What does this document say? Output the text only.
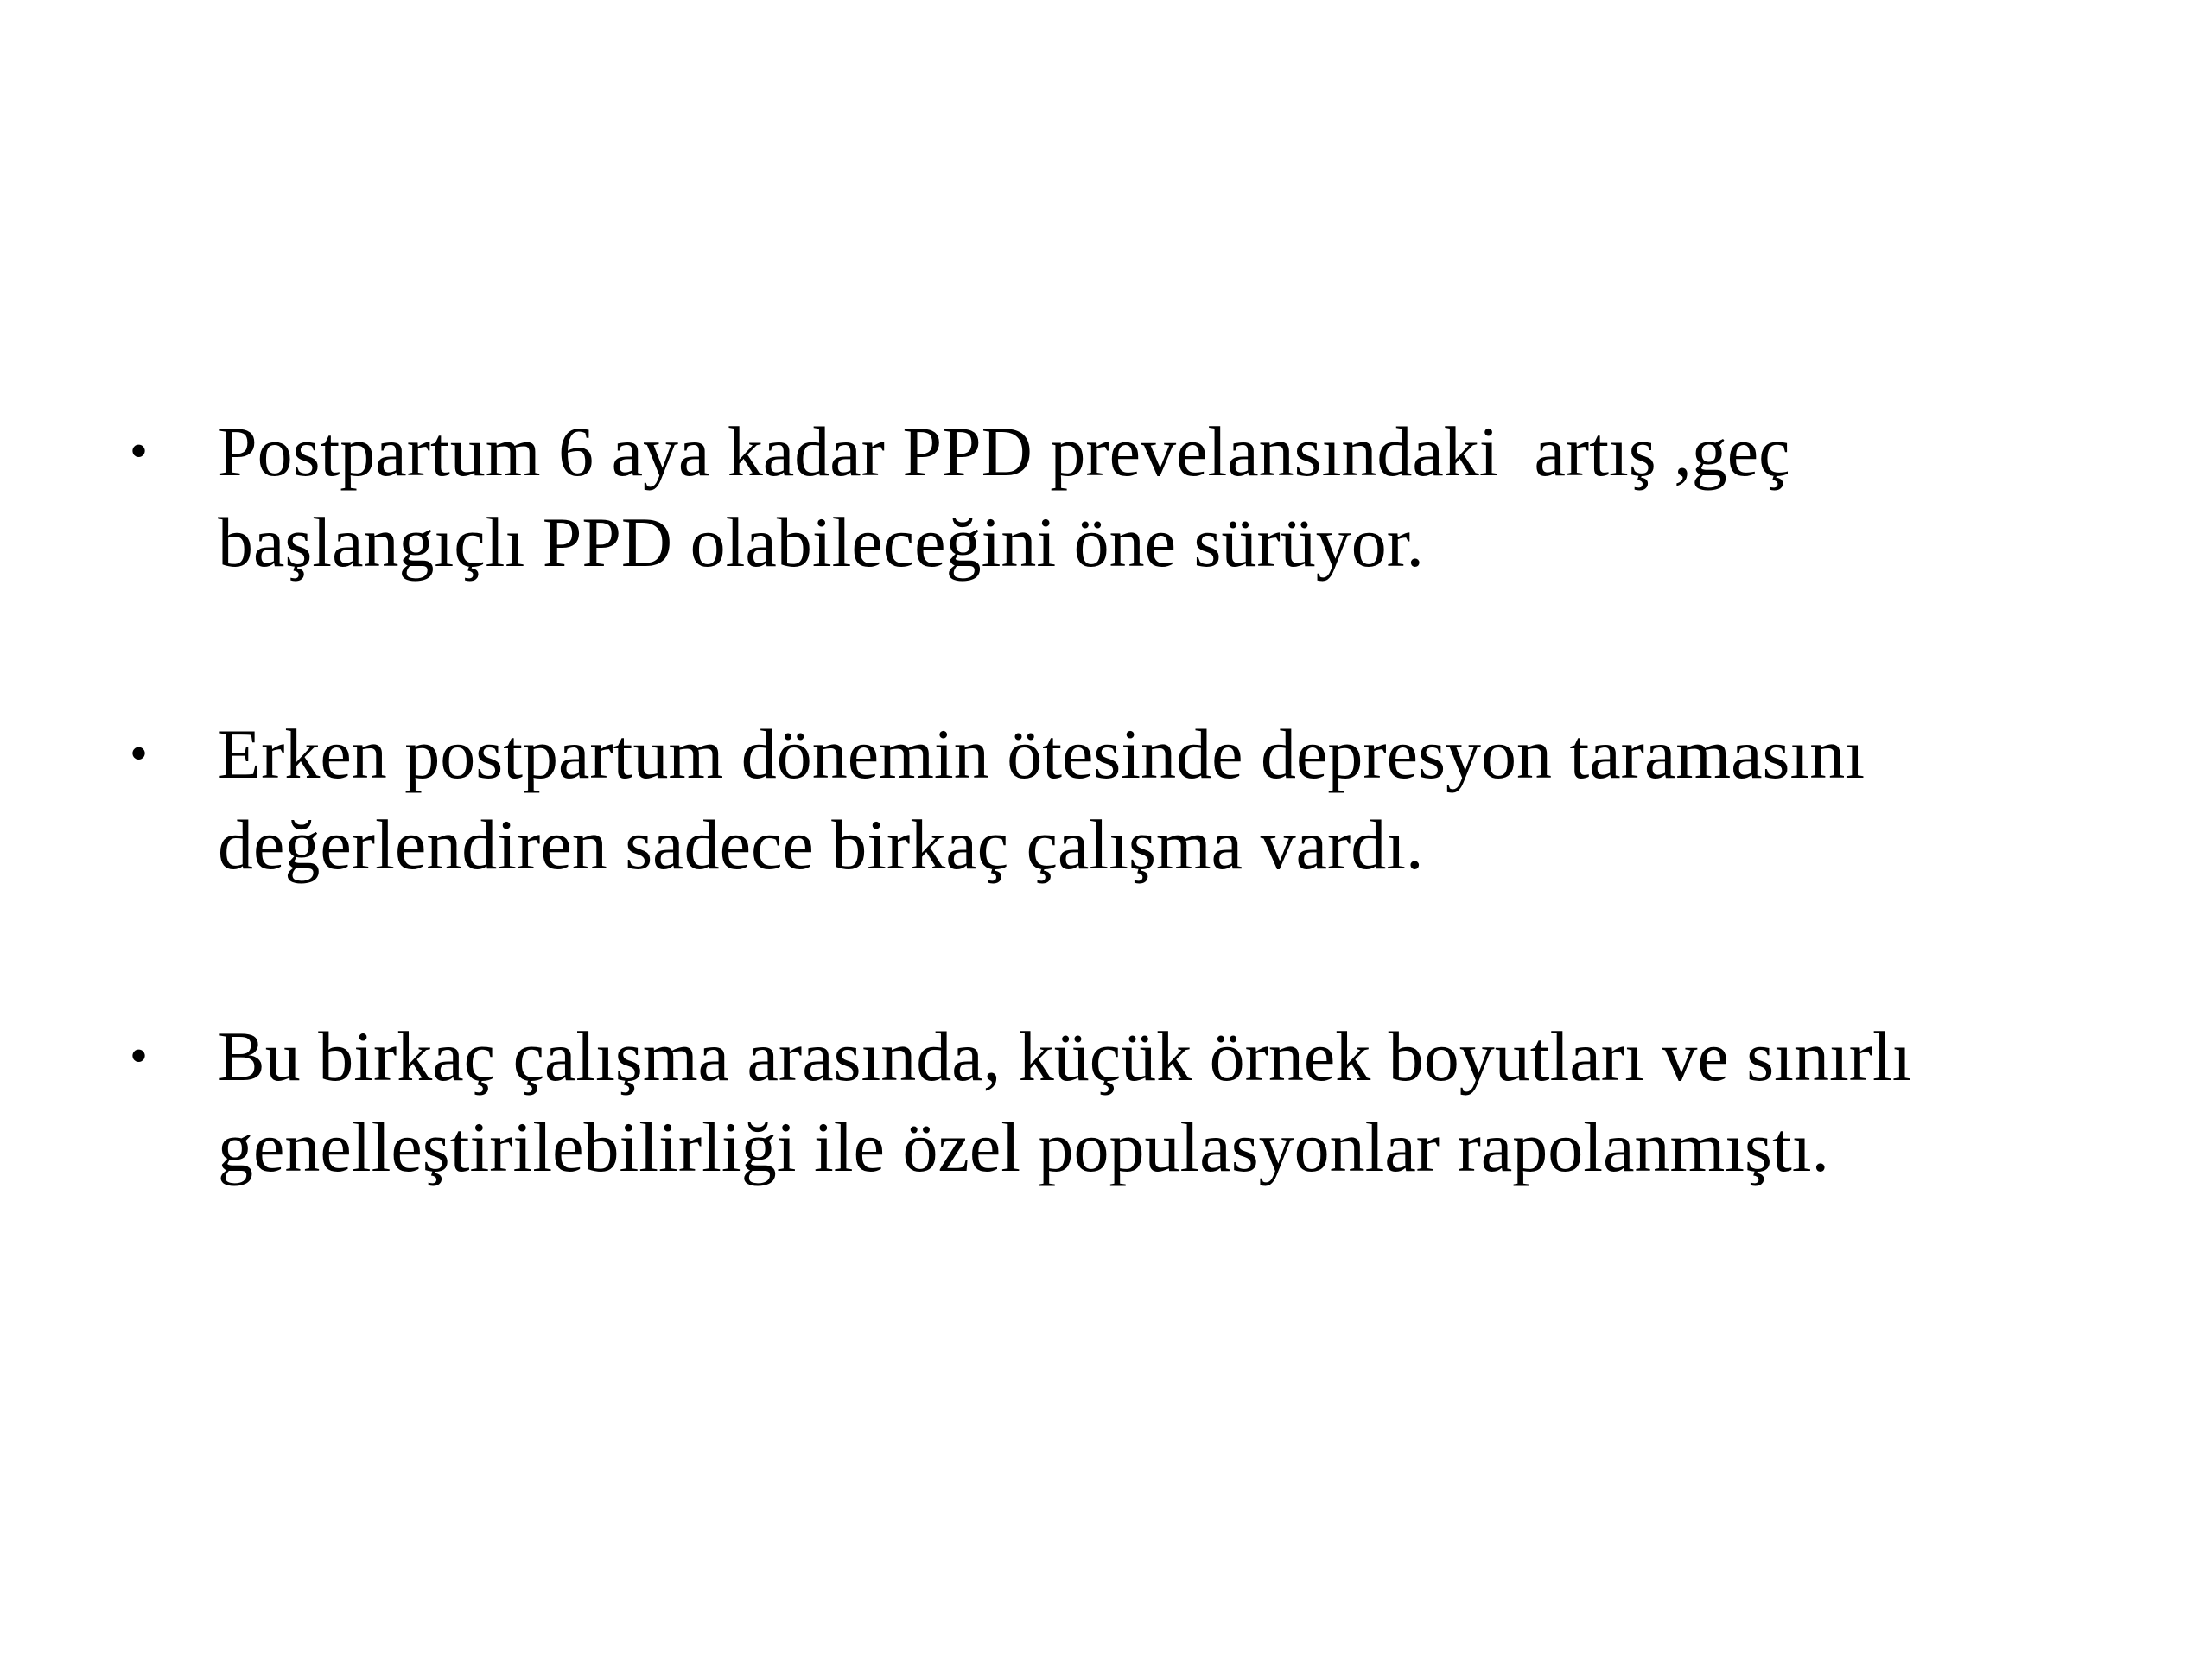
• Postpartum 6 aya kadar PPD prevelansındaki  artış ,geç
başlangıçlı PPD olabileceğini öne sürüyor.
• Erken postpartum dönemin ötesinde depresyon taramasını
değerlendiren sadece birkaç çalışma vardı.
• Bu birkaç çalışma arasında, küçük örnek boyutları ve sınırlı
genelleştirilebilirliği ile özel populasyonlar rapolanmıştı.
